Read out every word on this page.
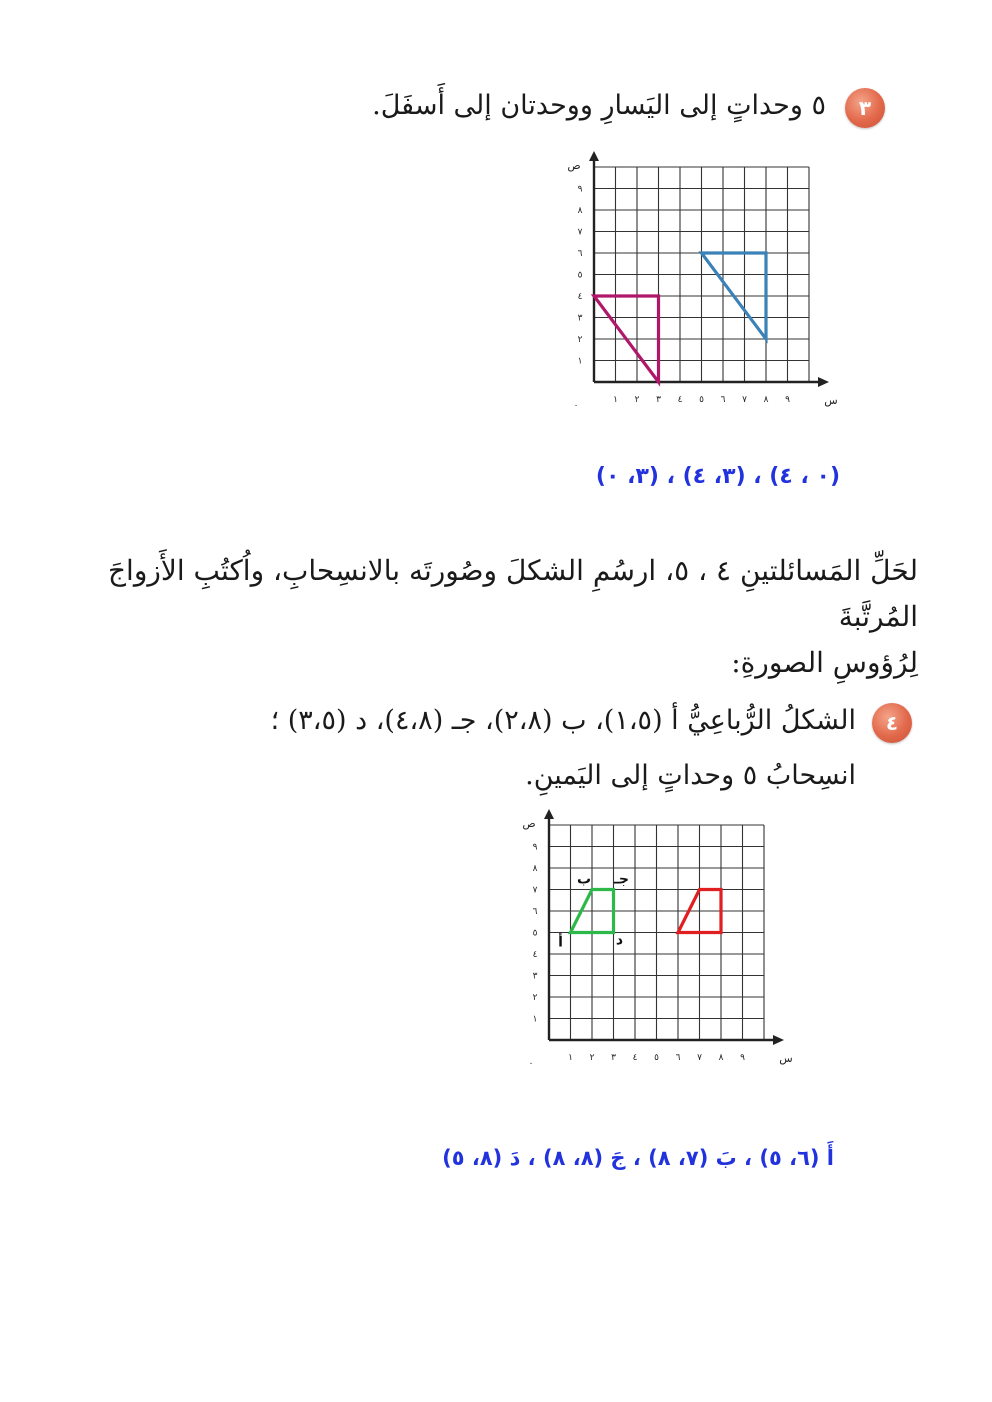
٣
٥ وحداتٍ إلى اليَسارِ ووحدتان إلى أَسفَلَ.
١ ٢ ٣ ٤ ٥ ٦ ٧ ٨ ٩
١
٢
٣
٤
٥
٦
٧
٨
٩
٠	س
ص
(٠ ، ٤) ، (٣، ٤) ، (٣، ٠)
لحَلِّ المَسائلتينِ ٤ ، ٥، ارسُمِ الشكلَ وصُورتَه بالانسِحابِ، واُكتُبِ الأَزواجَ المُرتَّبةَ
لِرُؤوسِ الصورةِ:
٤
الشكلُ الرُّباعِيُّ أ (١،٥)، ب (٢،٨)، جـ (٤،٨)، د (٣،٥) ؛
انسِحابُ ٥ وحداتٍ إلى اليَمينِ.
١ ٢ ٣ ٤ ٥ ٦ ٧ ٨ ٩
١
٢
٣
٤
٥
٦
٧
٨
٩
٠	س
ص
أ
ب جـ
د
أَ (٦، ٥) ، بَ (٧، ٨) ، جَ (٨، ٨) ، دَ (٨، ٥)
